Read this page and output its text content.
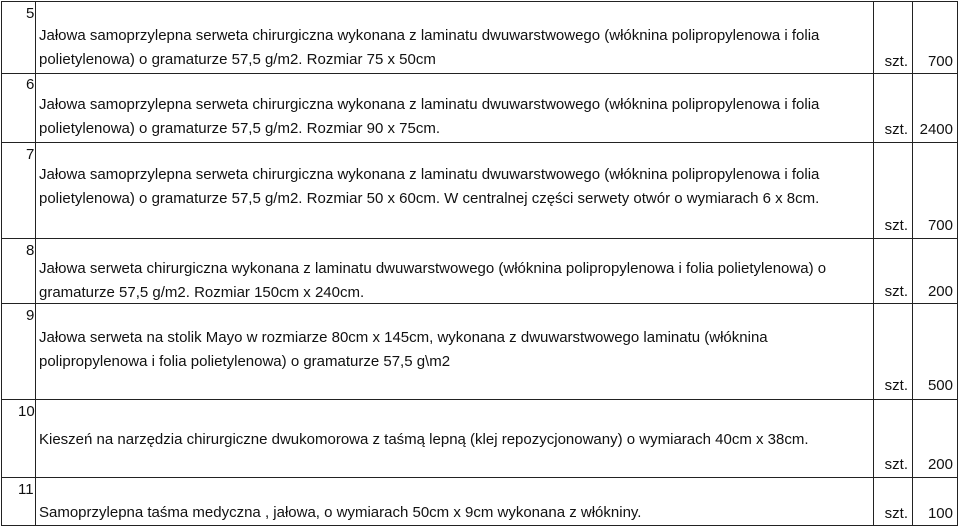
5
Jałowa samoprzylepna serweta chirurgiczna wykonana z laminatu dwuwarstwowego (włóknina polipropylenowa i folia polietylenowa) o gramaturze 57,5 g/m2. Rozmiar 75 x 50cm	szt. 700
6
Jałowa samoprzylepna serweta chirurgiczna wykonana z laminatu dwuwarstwowego (włóknina polipropylenowa i folia polietylenowa) o gramaturze 57,5 g/m2. Rozmiar 90 x 75cm.	szt. 2400
7
Jałowa samoprzylepna serweta chirurgiczna wykonana z laminatu dwuwarstwowego (włóknina polipropylenowa i folia polietylenowa) o gramaturze 57,5 g/m2. Rozmiar 50 x 60cm. W centralnej części serwety otwór o wymiarach 6 x 8cm.
szt. 700
8
Jałowa serweta chirurgiczna wykonana z laminatu dwuwarstwowego (włóknina polipropylenowa i folia polietylenowa) o gramaturze 57,5 g/m2. Rozmiar 150cm x 240cm.	szt. 200
9
Jałowa serweta na stolik Mayo w rozmiarze 80cm x 145cm, wykonana z dwuwarstwowego laminatu (włóknina polipropylenowa i folia polietylenowa) o gramaturze 57,5 g\m2
szt. 500
10
Kieszeń na narzędzia chirurgiczne dwukomorowa z taśmą lepną (klej repozycjonowany) o wymiarach 40cm x 38cm.
szt. 200
11
Samoprzylepna taśma medyczna , jałowa, o wymiarach 50cm x 9cm wykonana z włókniny.	szt. 100
